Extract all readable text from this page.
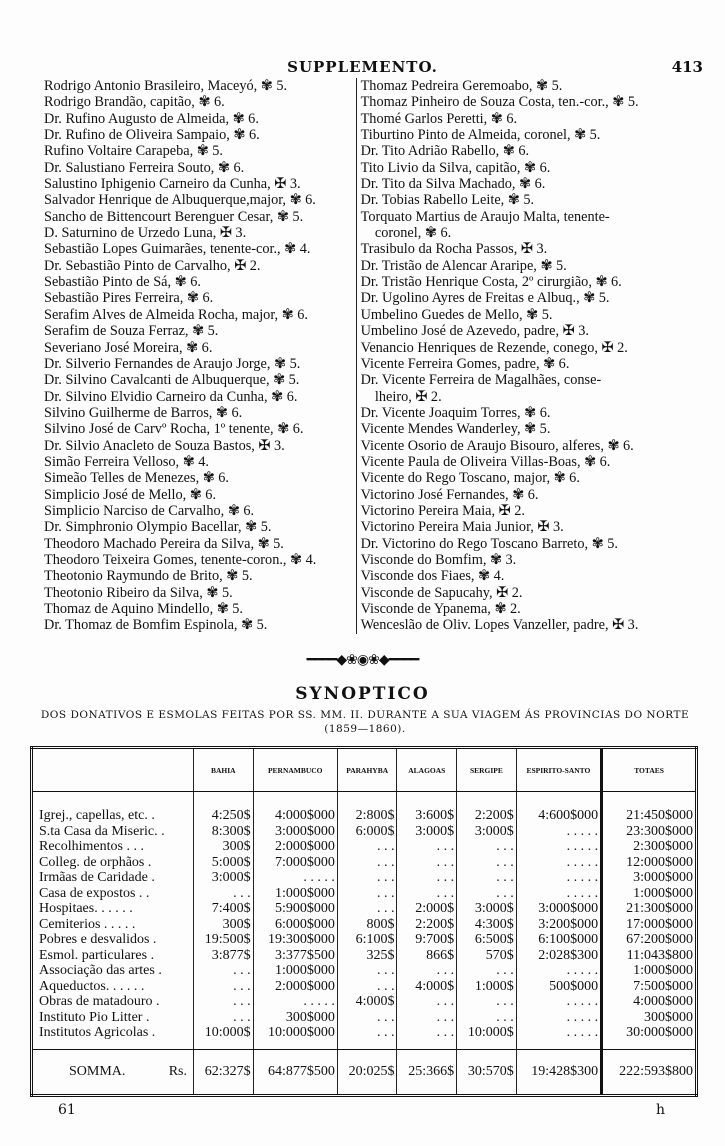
SUPPLEMENTO.	413
Rodrigo Antonio Brasileiro, Maceyó, ✾ 5.
Rodrigo Brandão, capitão, ✾ 6.
Dr. Rufino Augusto de Almeida, ✾ 6.
Dr. Rufino de Oliveira Sampaio, ✾ 6.
Rufino Voltaire Carapeba, ✾ 5.
Dr. Salustiano Ferreira Souto, ✾ 6.
Salustino Iphigenio Carneiro da Cunha, ✠ 3.
Salvador Henrique de Albuquerque,major, ✾ 6.
Sancho de Bittencourt Berenguer Cesar, ✾ 5.
D. Saturnino de Urzedo Luna, ✠ 3.
Sebastião Lopes Guimarães, tenente-cor., ✾ 4.
Dr. Sebastião Pinto de Carvalho, ✠ 2.
Sebastião Pinto de Sá, ✾ 6.
Sebastião Pires Ferreira, ✾ 6.
Serafim Alves de Almeida Rocha, major, ✾ 6.
Serafim de Souza Ferraz, ✾ 5.
Severiano José Moreira, ✾ 6.
Dr. Silverio Fernandes de Araujo Jorge, ✾ 5.
Dr. Silvino Cavalcanti de Albuquerque, ✾ 5.
Dr. Silvino Elvidio Carneiro da Cunha, ✾ 6.
Silvino Guilherme de Barros, ✾ 6.
Silvino José de Carvº Rocha, 1º tenente, ✾ 6.
Dr. Silvio Anacleto de Souza Bastos, ✠ 3.
Simão Ferreira Velloso, ✾ 4.
Simeão Telles de Menezes, ✾ 6.
Simplicio José de Mello, ✾ 6.
Simplicio Narciso de Carvalho, ✾ 6.
Dr. Simphronio Olympio Bacellar, ✾ 5.
Theodoro Machado Pereira da Silva, ✾ 5.
Theodoro Teixeira Gomes, tenente-coron., ✾ 4.
Theotonio Raymundo de Brito, ✾ 5.
Theotonio Ribeiro da Silva, ✾ 5.
Thomaz de Aquino Mindello, ✾ 5.
Dr. Thomaz de Bomfim Espinola, ✾ 5.
Thomaz Pedreira Geremoabo, ✾ 5.
Thomaz Pinheiro de Souza Costa, ten.-cor., ✾ 5.
Thomé Garlos Peretti, ✾ 6.
Tiburtino Pinto de Almeida, coronel, ✾ 5.
Dr. Tito Adrião Rabello, ✾ 6.
Tito Livio da Silva, capitão, ✾ 6.
Dr. Tito da Silva Machado, ✾ 6.
Dr. Tobias Rabello Leite, ✾ 5.
Torquato Martius de Araujo Malta, tenente-
coronel, ✾ 6.
Trasibulo da Rocha Passos, ✠ 3.
Dr. Tristão de Alencar Araripe, ✾ 5.
Dr. Tristão Henrique Costa, 2º cirurgião, ✾ 6.
Dr. Ugolino Ayres de Freitas e Albuq., ✾ 5.
Umbelino Guedes de Mello, ✾ 5.
Umbelino José de Azevedo, padre, ✠ 3.
Venancio Henriques de Rezende, conego, ✠ 2.
Vicente Ferreira Gomes, padre, ✾ 6.
Dr. Vicente Ferreira de Magalhães, conse-
lheiro, ✠ 2.
Dr. Vicente Joaquim Torres, ✾ 6.
Vicente Mendes Wanderley, ✾ 5.
Vicente Osorio de Araujo Bisouro, alferes, ✾ 6.
Vicente Paula de Oliveira Villas-Boas, ✾ 6.
Vicente do Rego Toscano, major, ✾ 6.
Victorino José Fernandes, ✾ 6.
Victorino Pereira Maia, ✠ 2.
Victorino Pereira Maia Junior, ✠ 3.
Dr. Victorino do Rego Toscano Barreto, ✾ 5.
Visconde do Bomfim, ✾ 3.
Visconde dos Fiaes, ✾ 4.
Visconde de Sapucahy, ✠ 2.
Visconde de Ypanema, ✾ 2.
Wenceslão de Oliv. Lopes Vanzeller, padre, ✠ 3.
━━━━◆❀◉❀◆━━━━
SYNOPTICO
DOS DONATIVOS E ESMOLAS FEITAS POR SS. MM. II. DURANTE A SUA VIAGEM ÁS PROVINCIAS DO NORTE (1859—1860).
	BAHIA	PERNAMBUCO	PARAHYBA	ALAGOAS	SERGIPE	ESPIRITO-SANTO	TOTAES
Igrej., capellas, etc. .	4:250$	4:000$000	2:800$	3:600$	2:200$	4:600$000	21:450$000
S.ta Casa da Miseric. .	8:300$	3:000$000	6:000$	3:000$	3:000$	. . . . .	23:300$000
Recolhimentos . . .	300$	2:000$000	. . .	. . .	. . .	. . . . .	2:300$000
Colleg. de orphãos .	5:000$	7:000$000	. . .	. . .	. . .	. . . . .	12:000$000
Irmãas de Caridade .	3:000$	. . . . .	. . .	. . .	. . .	. . . . .	3:000$000
Casa de expostos . .	. . .	1:000$000	. . .	. . .	. . .	. . . . .	1:000$000
Hospitaes. . . . . .	7:400$	5:900$000	. . .	2:000$	3:000$	3:000$000	21:300$000
Cemiterios . . . . .	300$	6:000$000	800$	2:200$	4:300$	3:200$000	17:000$000
Pobres e desvalidos .	19:500$	19:300$000	6:100$	9:700$	6:500$	6:100$000	67:200$000
Esmol. particulares .	3:877$	3:377$500	325$	866$	570$	2:028$300	11:043$800
Associação das artes .	. . .	1:000$000	. . .	. . .	. . .	. . . . .	1:000$000
Aqueductos. . . . . .	. . .	2:000$000	. . .	4:000$	1:000$	500$000	7:500$000
Obras de matadouro .	. . .	. . . . .	4:000$	. . .	. . .	. . . . .	4:000$000
Instituto Pio Litter .	. . .	300$000	. . .	. . .	. . .	. . . . .	300$000
Institutos Agricolas .	10:000$	10:000$000	. . .	. . .	10:000$	. . . . .	30:000$000
SOMMA. Rs.	62:327$	64:877$500	20:025$	25:366$	30:570$	19:428$300	222:593$800
61	h
